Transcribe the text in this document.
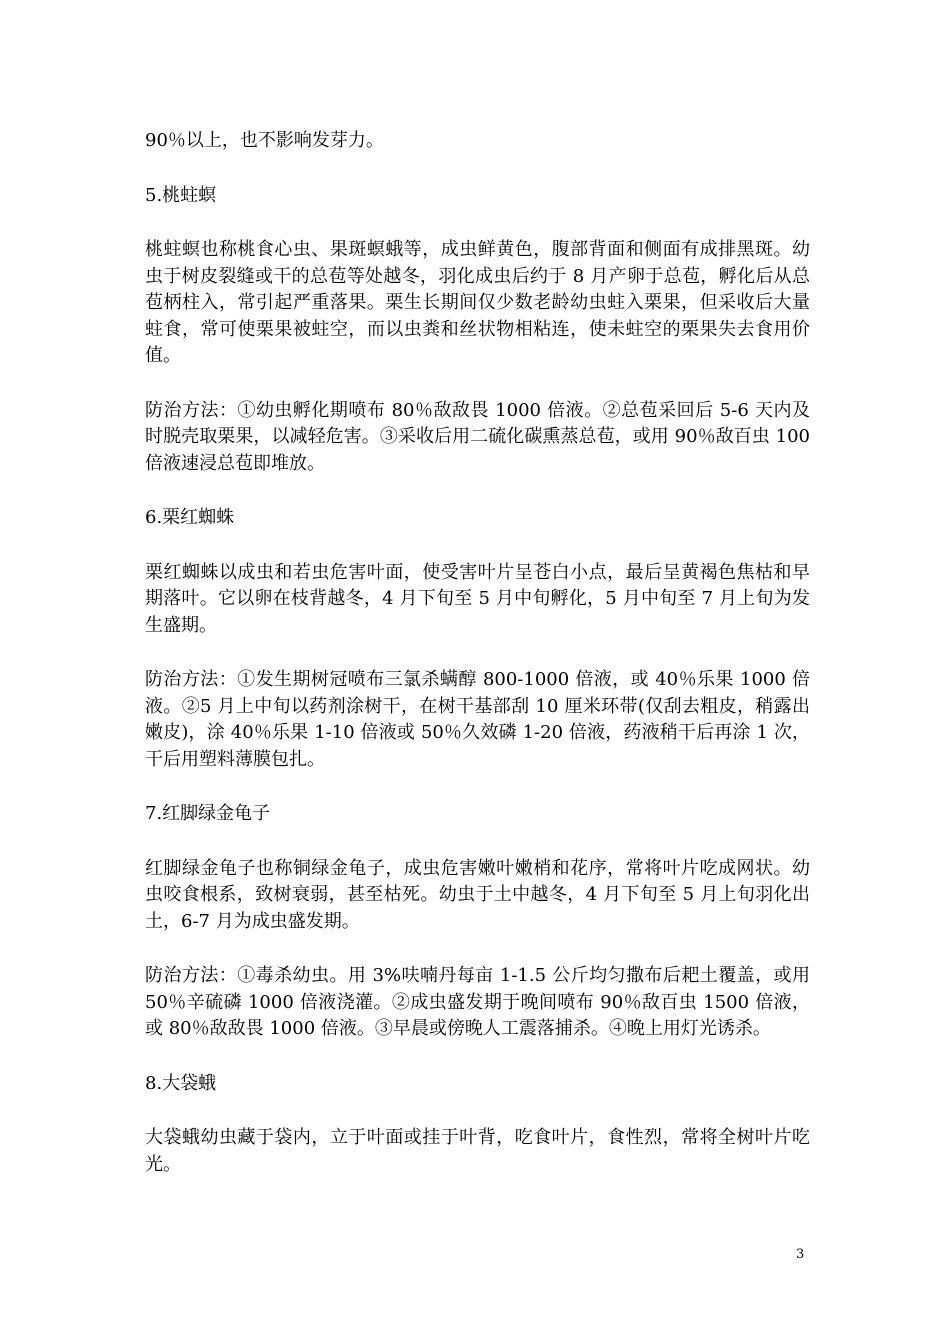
90％以上，也不影响发芽力。

5.桃蛀螟

桃蛀螟也称桃食心虫、果斑螟蛾等，成虫鲜黄色，腹部背面和侧面有成排黑斑。幼虫于树皮裂缝或干的总苞等处越冬，羽化成虫后约于 8 月产卵于总苞，孵化后从总苞柄柱入，常引起严重落果。栗生长期间仅少数老龄幼虫蛀入栗果，但采收后大量蛀食，常可使栗果被蛀空，而以虫粪和丝状物相粘连，使未蛀空的栗果失去食用价值。

防治方法：①幼虫孵化期喷布 80％敌敌畏 1000 倍液。②总苞采回后 5-6 天内及时脱壳取栗果，以减轻危害。③采收后用二硫化碳熏蒸总苞，或用 90％敌百虫 100 倍液速浸总苞即堆放。

6.栗红蜘蛛

栗红蜘蛛以成虫和若虫危害叶面，使受害叶片呈苍白小点，最后呈黄褐色焦枯和早期落叶。它以卵在枝背越冬，4 月下旬至 5 月中旬孵化，5 月中旬至 7 月上旬为发生盛期。

防治方法：①发生期树冠喷布三氯杀螨醇 800-1000 倍液，或 40％乐果 1000 倍液。②5 月上中旬以药剂涂树干，在树干基部刮 10 厘米环带(仅刮去粗皮，稍露出嫩皮)，涂 40％乐果 1-10 倍液或 50％久效磷 1-20 倍液，药液稍干后再涂 1 次，干后用塑料薄膜包扎。

7.红脚绿金龟子

红脚绿金龟子也称铜绿金龟子，成虫危害嫩叶嫩梢和花序，常将叶片吃成网状。幼虫咬食根系，致树衰弱，甚至枯死。幼虫于土中越冬，4 月下旬至 5 月上旬羽化出土，6-7 月为成虫盛发期。

防治方法：①毒杀幼虫。用 3%呋喃丹每亩 1-1.5 公斤均匀撒布后耙土覆盖，或用 50％辛硫磷 1000 倍液浇灌。②成虫盛发期于晚间喷布 90％敌百虫 1500 倍液，或 80％敌敌畏 1000 倍液。③早晨或傍晚人工震落捕杀。④晚上用灯光诱杀。

8.大袋蛾

大袋蛾幼虫藏于袋内，立于叶面或挂于叶背，吃食叶片，食性烈，常将全树叶片吃光。

3
